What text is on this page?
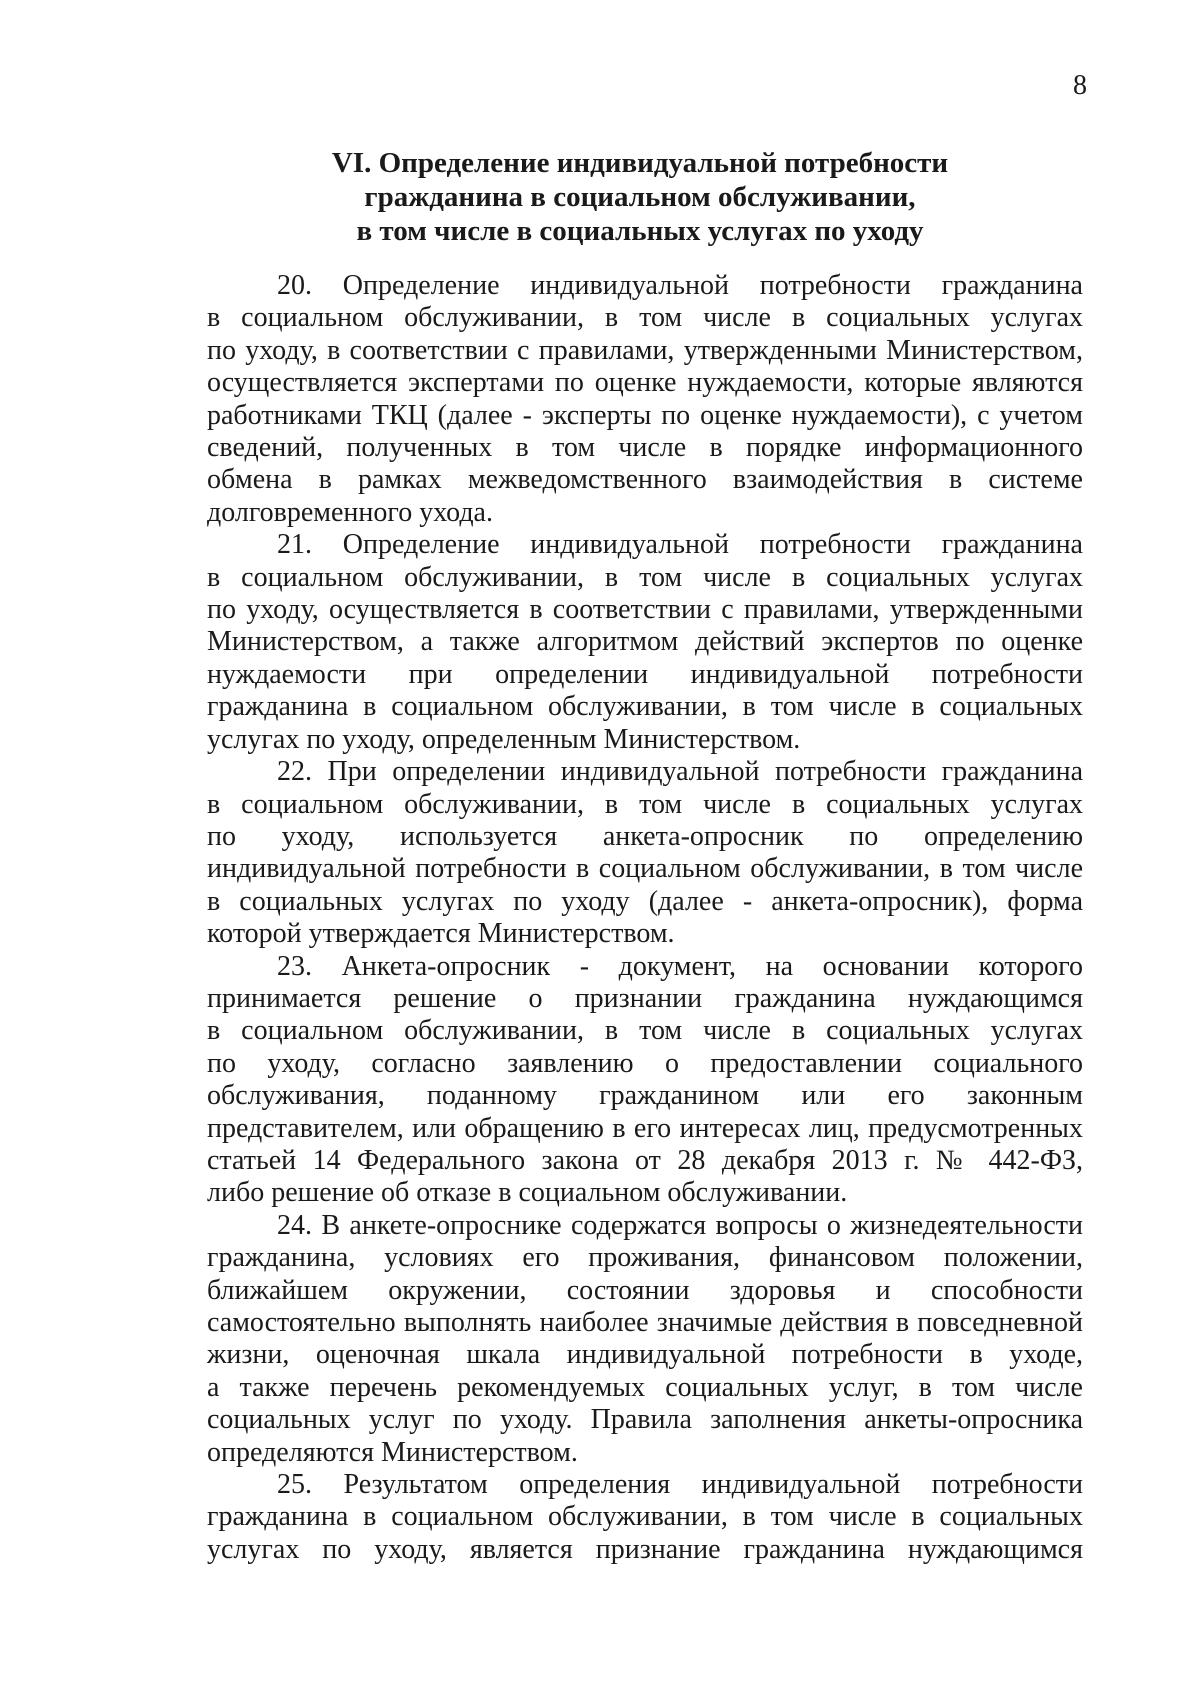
8
VI. Определение индивидуальной потребности
гражданина в социальном обслуживании,
в том числе в социальных услугах по уходу
20. Определение индивидуальной потребности гражданина
в социальном обслуживании, в том числе в социальных услугах
по уходу, в соответствии с правилами, утвержденными Министерством,
осуществляется экспертами по оценке нуждаемости, которые являются
работниками ТКЦ (далее - эксперты по оценке нуждаемости), с учетом
сведений, полученных в том числе в порядке информационного
обмена в рамках межведомственного взаимодействия в системе
долговременного ухода.
21. Определение индивидуальной потребности гражданина
в социальном обслуживании, в том числе в социальных услугах
по уходу, осуществляется в соответствии с правилами, утвержденными
Министерством, а также алгоритмом действий экспертов по оценке
нуждаемости при определении индивидуальной потребности
гражданина в социальном обслуживании, в том числе в социальных
услугах по уходу, определенным Министерством.
22. При определении индивидуальной потребности гражданина
в социальном обслуживании, в том числе в социальных услугах
по уходу, используется анкета-опросник по определению
индивидуальной потребности в социальном обслуживании, в том числе
в социальных услугах по уходу (далее - анкета-опросник), форма
которой утверждается Министерством.
23. Анкета-опросник - документ, на основании которого
принимается решение о признании гражданина нуждающимся
в социальном обслуживании, в том числе в социальных услугах
по уходу, согласно заявлению о предоставлении социального
обслуживания, поданному гражданином или его законным
представителем, или обращению в его интересах лиц, предусмотренных
статьей 14 Федерального закона от 28 декабря 2013 г. № 442-ФЗ,
либо решение об отказе в социальном обслуживании.
24. В анкете-опроснике содержатся вопросы о жизнедеятельности
гражданина, условиях его проживания, финансовом положении,
ближайшем окружении, состоянии здоровья и способности
самостоятельно выполнять наиболее значимые действия в повседневной
жизни, оценочная шкала индивидуальной потребности в уходе,
а также перечень рекомендуемых социальных услуг, в том числе
социальных услуг по уходу. Правила заполнения анкеты-опросника
определяются Министерством.
25. Результатом определения индивидуальной потребности
гражданина в социальном обслуживании, в том числе в социальных
услугах по уходу, является признание гражданина нуждающимся
